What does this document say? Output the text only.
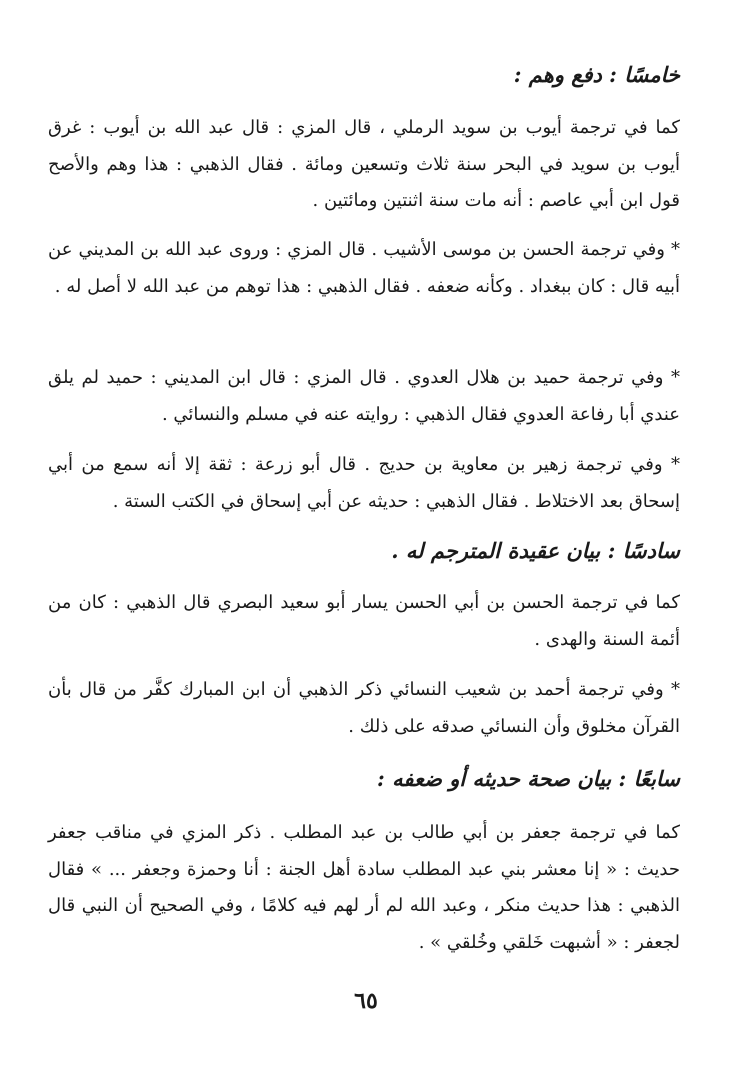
خامسًا : دفع وهم :
كما في ترجمة أيوب بن سويد الرملي ، قال المزي : قال عبد الله بن أيوب : غرق أيوب بن سويد في البحر سنة ثلاث وتسعين ومائة . فقال الذهبي : هذا وهم والأصح قول ابن أبي عاصم : أنه مات سنة اثنتين ومائتين .
* وفي ترجمة الحسن بن موسى الأشيب . قال المزي : وروى عبد الله بن المديني عن أبيه قال : كان ببغداد . وكأنه ضعفه . فقال الذهبي : هذا توهم من عبد الله لا أصل له .
* وفي ترجمة حميد بن هلال العدوي . قال المزي : قال ابن المديني : حميد لم يلق عندي أبا رفاعة العدوي فقال الذهبي : روايته عنه في مسلم والنسائي .
* وفي ترجمة زهير بن معاوية بن حديج . قال أبو زرعة : ثقة إلا أنه سمع من أبي إسحاق بعد الاختلاط . فقال الذهبي : حديثه عن أبي إسحاق في الكتب الستة .
سادسًا : بيان عقيدة المترجم له .
كما في ترجمة الحسن بن أبي الحسن يسار أبو سعيد البصري قال الذهبي : كان من أئمة السنة والهدى .
* وفي ترجمة أحمد بن شعيب النسائي ذكر الذهبي أن ابن المبارك كفَّر من قال بأن القرآن مخلوق وأن النسائي صدقه على ذلك .
سابعًا : بيان صحة حديثه أو ضعفه :
كما في ترجمة جعفر بن أبي طالب بن عبد المطلب . ذكر المزي في مناقب جعفر حديث : « إنا معشر بني عبد المطلب سادة أهل الجنة : أنا وحمزة وجعفر ... » فقال الذهبي : هذا حديث منكر ، وعبد الله لم أر لهم فيه كلامًا ، وفي الصحيح أن النبي قال لجعفر : « أشبهت خَلقي وخُلقي » .
٦٥
